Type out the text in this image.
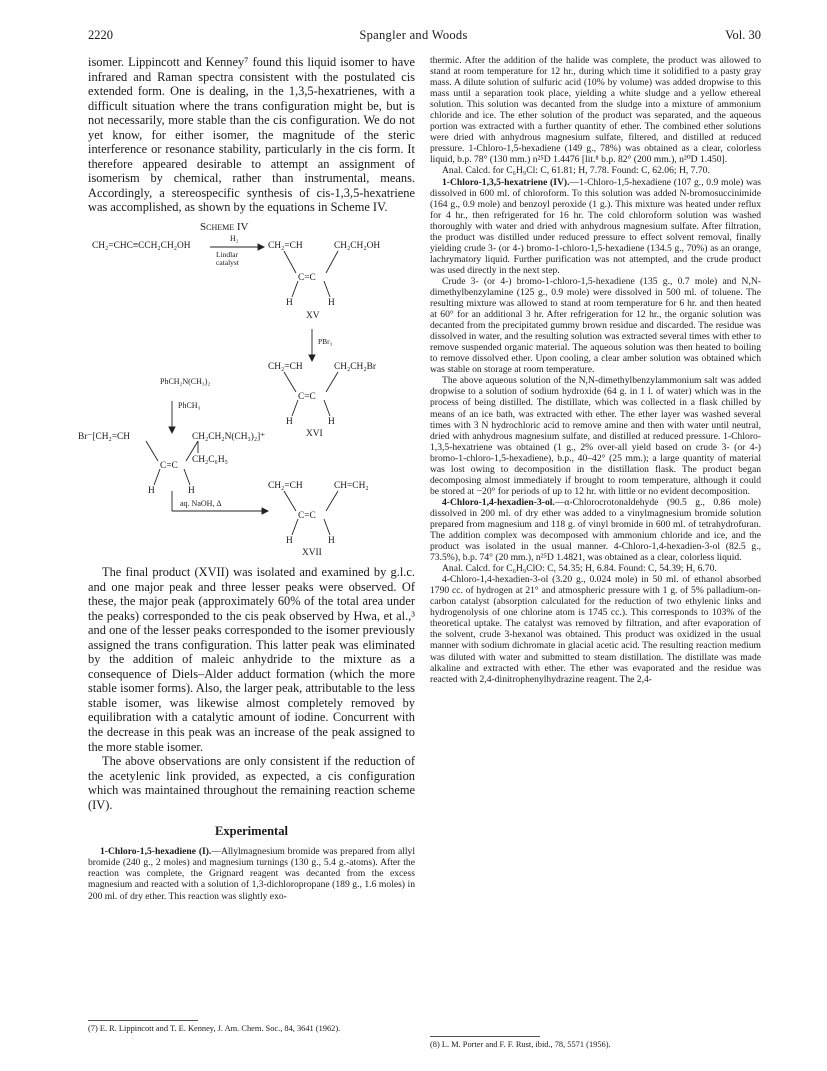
2220	Spangler and Woods	Vol. 30

isomer. Lippincott and Kenney⁷ found this liquid isomer to have infrared and Raman spectra consistent with the postulated cis extended form. One is dealing, in the 1,3,5-hexatrienes, with a difficult situation where the trans configuration might be, but is not necessarily, more stable than the cis configuration. We do not yet know, for either isomer, the magnitude of the steric interference or resonance stability, particularly in the cis form. It therefore appeared desirable to attempt an assignment of isomerism by chemical, rather than instrumental, means. Accordingly, a stereospecific synthesis of cis-1,3,5-hexatriene was accomplished, as shown by the equations in Scheme IV.

Scheme IV
CH₂=CHC≡CCH₂CH₂OH
H₂
Lindlar
catalyst
CH₂=CH	CH₂CH₂OH
C=C
H	H
XV
PBr₃
CH₂=CH	CH₂CH₂Br
C=C
H	H
XVI
PhCH₂N(CH₃)₂
PhCH₃
Br⁻[CH₂=CH	CH₂CH₂N(CH₃)₂]⁺
C=C
CH₂C₆H₅
H	H
aq. NaOH, Δ
CH₂=CH	CH=CH₂
C=C
H	H
XVII

The final product (XVII) was isolated and examined by g.l.c. and one major peak and three lesser peaks were observed. Of these, the major peak (approximately 60% of the total area under the peaks) corresponded to the cis peak observed by Hwa, et al.,³ and one of the lesser peaks corresponded to the isomer previously assigned the trans configuration. This latter peak was eliminated by the addition of maleic anhydride to the mixture as a consequence of Diels–Alder adduct formation (which the more stable isomer forms). Also, the larger peak, attributable to the less stable isomer, was likewise almost completely removed by equilibration with a catalytic amount of iodine. Concurrent with the decrease in this peak was an increase of the peak assigned to the more stable isomer.

The above observations are only consistent if the reduction of the acetylenic link provided, as expected, a cis configuration which was maintained throughout the remaining reaction scheme (IV).

Experimental

1-Chloro-1,5-hexadiene (I).—Allylmagnesium bromide was prepared from allyl bromide (240 g., 2 moles) and magnesium turnings (130 g., 5.4 g.-atoms). After the reaction was complete, the Grignard reagent was decanted from the excess magnesium and reacted with a solution of 1,3-dichloropropane (189 g., 1.6 moles) in 200 ml. of dry ether. This reaction was slightly exo-

(7) E. R. Lippincott and T. E. Kenney, J. Am. Chem. Soc., 84, 3641 (1962).

thermic. After the addition of the halide was complete, the product was allowed to stand at room temperature for 12 hr., during which time it solidified to a pasty gray mass. A dilute solution of sulfuric acid (10% by volume) was added dropwise to this mass until a separation took place, yielding a white sludge and a yellow ethereal solution. This solution was decanted from the sludge into a mixture of ammonium chloride and ice. The ether solution of the product was separated, and the aqueous portion was extracted with a further quantity of ether. The combined ether solutions were dried with anhydrous magnesium sulfate, filtered, and distilled at reduced pressure. 1-Chloro-1,5-hexadiene (149 g., 78%) was obtained as a clear, colorless liquid, b.p. 78° (130 mm.) n²⁵D 1.4476 [lit.⁸ b.p. 82° (200 mm.), n²⁰D 1.450].

Anal. Calcd. for C₆H₉Cl: C, 61.81; H, 7.78. Found: C, 62.06; H, 7.70.

1-Chloro-1,3,5-hexatriene (IV).—1-Chloro-1,5-hexadiene (107 g., 0.9 mole) was dissolved in 600 ml. of chloroform. To this solution was added N-bromosuccinimide (164 g., 0.9 mole) and benzoyl peroxide (1 g.). This mixture was heated under reflux for 4 hr., then refrigerated for 16 hr. The cold chloroform solution was washed thoroughly with water and dried with anhydrous magnesium sulfate. After filtration, the product was distilled under reduced pressure to effect solvent removal, finally yielding crude 3- (or 4-) bromo-1-chloro-1,5-hexadiene (134.5 g., 70%) as an orange, lachrymatory liquid. Further purification was not attempted, and the crude product was used directly in the next step.

Crude 3- (or 4-) bromo-1-chloro-1,5-hexadiene (135 g., 0.7 mole) and N,N-dimethylbenzylamine (125 g., 0.9 mole) were dissolved in 500 ml. of toluene. The resulting mixture was allowed to stand at room temperature for 6 hr. and then heated at 60° for an additional 3 hr. After refrigeration for 12 hr., the organic solution was decanted from the precipitated gummy brown residue and discarded. The residue was dissolved in water, and the resulting solution was extracted several times with ether to remove suspended organic material. The aqueous solution was then heated to boiling to remove dissolved ether. Upon cooling, a clear amber solution was obtained which was stable on storage at room temperature.

The above aqueous solution of the N,N-dimethylbenzylammonium salt was added dropwise to a solution of sodium hydroxide (64 g. in 1 l. of water) which was in the process of being distilled. The distillate, which was collected in a flask chilled by means of an ice bath, was extracted with ether. The ether layer was washed several times with 3 N hydrochloric acid to remove amine and then with water until neutral, dried with anhydrous magnesium sulfate, and distilled at reduced pressure. 1-Chloro-1,3,5-hexatriene was obtained (1 g., 2% over-all yield based on crude 3- (or 4-) bromo-1-chloro-1,5-hexadiene), b.p., 40–42° (25 mm.); a large quantity of material was lost owing to decomposition in the distillation flask. The product began decomposing almost immediately if brought to room temperature, although it could be stored at −20° for periods of up to 12 hr. with little or no evident decomposition.

4-Chloro-1,4-hexadien-3-ol.—α-Chlorocrotonaldehyde (90.5 g., 0.86 mole) dissolved in 200 ml. of dry ether was added to a vinylmagnesium bromide solution prepared from magnesium and 118 g. of vinyl bromide in 600 ml. of tetrahydrofuran. The addition complex was decomposed with ammonium chloride and ice, and the product was isolated in the usual manner. 4-Chloro-1,4-hexadien-3-ol (82.5 g., 73.5%), b.p. 74° (20 mm.), n²⁵D 1.4821, was obtained as a clear, colorless liquid.

Anal. Calcd. for C₆H₉ClO: C, 54.35; H, 6.84. Found: C, 54.39; H, 6.70.

4-Chloro-1,4-hexadien-3-ol (3.20 g., 0.024 mole) in 50 ml. of ethanol absorbed 1790 cc. of hydrogen at 21° and atmospheric pressure with 1 g. of 5% palladium-on-carbon catalyst (absorption calculated for the reduction of two ethylenic links and hydrogenolysis of one chlorine atom is 1745 cc.). This corresponds to 103% of the theoretical uptake. The catalyst was removed by filtration, and after evaporation of the solvent, crude 3-hexanol was obtained. This product was oxidized in the usual manner with sodium dichromate in glacial acetic acid. The resulting reaction medium was diluted with water and submitted to steam distillation. The distillate was made alkaline and extracted with ether. The ether was evaporated and the residue was reacted with 2,4-dinitrophenylhydrazine reagent. The 2,4-

(8) L. M. Porter and F. F. Rust, ibid., 78, 5571 (1956).
